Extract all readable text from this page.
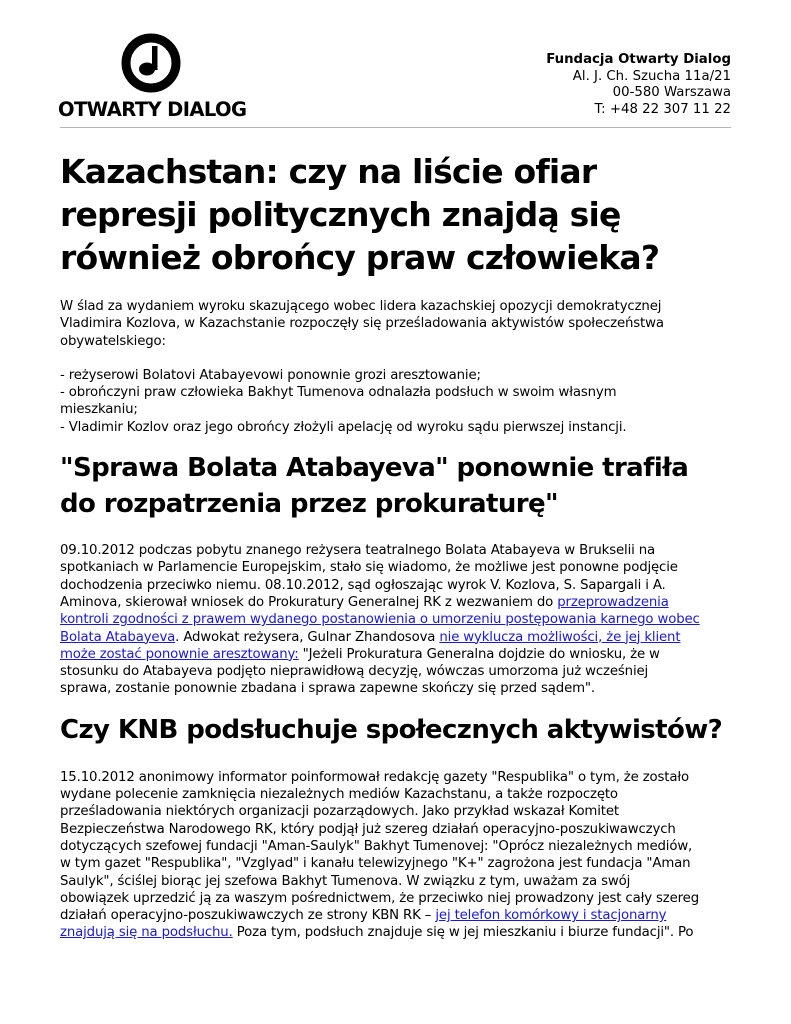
OTWARTY DIALOG
Fundacja Otwarty Dialog
Al. J. Ch. Szucha 11a/21
00-580 Warszawa
T: +48 22 307 11 22
Kazachstan: czy na liście ofiar
represji politycznych znajdą się
również obrońcy praw człowieka?

W ślad za wydaniem wyroku skazującego wobec lidera kazachskiej opozycji demokratycznej
Vladimira Kozlova, w Kazachstanie rozpoczęły się prześladowania aktywistów społeczeństwa
obywatelskiego:

- reżyserowi Bolatovi Atabayevowi ponownie grozi aresztowanie;
- obrończyni praw człowieka Bakhyt Tumenova odnalazła podsłuch w swoim własnym
mieszkaniu;
- Vladimir Kozlov oraz jego obrońcy złożyli apelację od wyroku sądu pierwszej instancji.

"Sprawa Bolata Atabayeva" ponownie trafiła
do rozpatrzenia przez prokuraturę"

09.10.2012 podczas pobytu znanego reżysera teatralnego Bolata Atabayeva w Brukselii na
spotkaniach w Parlamencie Europejskim, stało się wiadomo, że możliwe jest ponowne podjęcie
dochodzenia przeciwko niemu. 08.10.2012, sąd ogłoszając wyrok V. Kozlova, S. Sapargali i A.
Aminova, skierował wniosek do Prokuratury Generalnej RK z wezwaniem do przeprowadzenia
kontroli zgodności z prawem wydanego postanowienia o umorzeniu postępowania karnego wobec
Bolata Atabayeva. Adwokat reżysera, Gulnar Zhandosova nie wyklucza możliwości, że jej klient
może zostać ponownie aresztowany: "Jeżeli Prokuratura Generalna dojdzie do wniosku, że w
stosunku do Atabayeva podjęto nieprawidłową decyzję, wówczas umorzoma już wcześniej
sprawa, zostanie ponownie zbadana i sprawa zapewne skończy się przed sądem".

Czy KNB podsłuchuje społecznych aktywistów?

15.10.2012 anonimowy informator poinformował redakcję gazety "Respublika" o tym, że zostało
wydane polecenie zamknięcia niezależnych mediów Kazachstanu, a także rozpoczęto
prześladowania niektórych organizacji pozarządowych. Jako przykład wskazał Komitet
Bezpieczeństwa Narodowego RK, który podjął już szereg działań operacyjno-poszukiwawczych
dotyczących szefowej fundacji "Aman-Saulyk" Bakhyt Tumenovej: "Oprócz niezależnych mediów,
w tym gazet "Respublika", "Vzglyad" i kanału telewizyjnego "K+" zagrożona jest fundacja "Aman
Saulyk", ściślej biorąc jej szefowa Bakhyt Tumenova. W związku z tym, uważam za swój
obowiązek uprzedzić ją za waszym pośrednictwem, że przeciwko niej prowadzony jest cały szereg
działań operacyjno-poszukiwawczych ze strony KBN RK – jej telefon komórkowy i stacjonarny
znajdują się na podsłuchu. Poza tym, podsłuch znajduje się w jej mieszkaniu i biurze fundacji". Po
